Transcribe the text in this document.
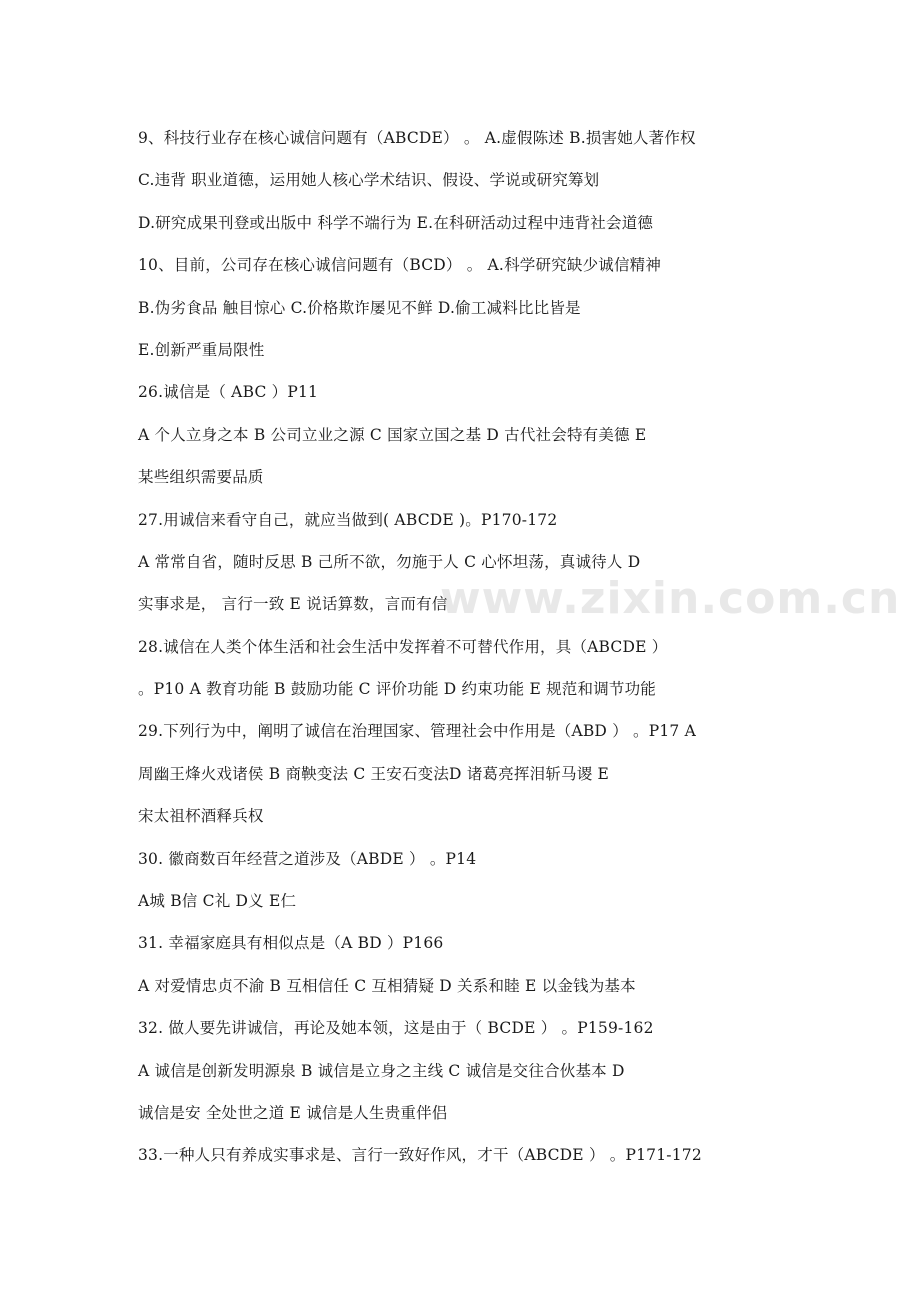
www.zixin.com.cn
9、科技行业存在核心诚信问题有（ABCDE） 。 A.虚假陈述 B.损害她人著作权
C.违背 职业道德，运用她人核心学术结识、假设、学说或研究筹划
D.研究成果刊登或出版中 科学不端行为 E.在科研活动过程中违背社会道德
10、目前，公司存在核心诚信问题有（BCD） 。 A.科学研究缺少诚信精神
B.伪劣食品 触目惊心 C.价格欺诈屡见不鲜 D.偷工减料比比皆是
E.创新严重局限性
26.诚信是（ ABC ）P11
A 个人立身之本 B 公司立业之源 C 国家立国之基 D 古代社会特有美德 E
某些组织需要品质
27.用诚信来看守自己，就应当做到( ABCDE )。P170-172
A 常常自省，随时反思 B 己所不欲，勿施于人 C 心怀坦荡，真诚待人 D
实事求是， 言行一致 E 说话算数，言而有信
28.诚信在人类个体生活和社会生活中发挥着不可替代作用，具（ABCDE ）
。P10 A 教育功能 B 鼓励功能 C 评价功能 D 约束功能 E 规范和调节功能
29.下列行为中，阐明了诚信在治理国家、管理社会中作用是（ABD ） 。P17 A
周幽王烽火戏诸侯 B 商鞅变法 C 王安石变法D 诸葛亮挥泪斩马谡 E
宋太祖杯酒释兵权
30. 徽商数百年经营之道涉及（ABDE ） 。P14
A城 B信 C礼 D义 E仁
31. 幸福家庭具有相似点是（A BD ）P166
A 对爱情忠贞不渝 B 互相信任 C 互相猜疑 D 关系和睦 E 以金钱为基本
32. 做人要先讲诚信，再论及她本领，这是由于（ BCDE ） 。P159-162
A 诚信是创新发明源泉 B 诚信是立身之主线 C 诚信是交往合伙基本 D
诚信是安 全处世之道 E 诚信是人生贵重伴侣
33.一种人只有养成实事求是、言行一致好作风，才干（ABCDE ） 。P171-172
